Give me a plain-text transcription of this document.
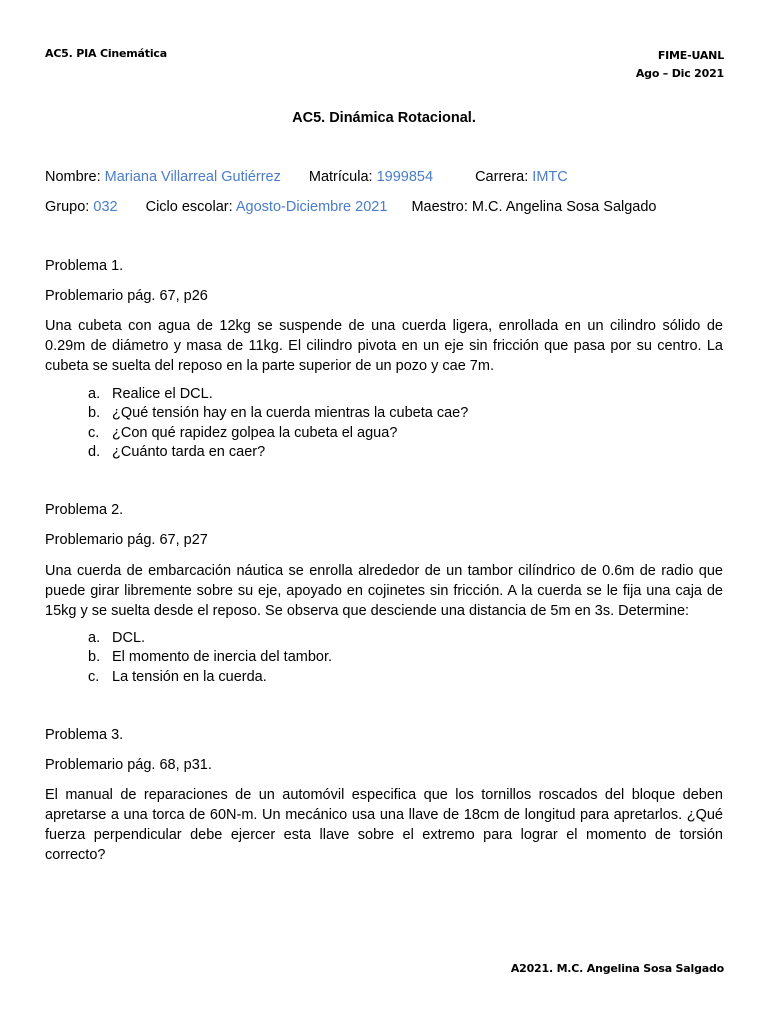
AC5. PIA Cinemática	FIME-UANL
Ago – Dic 2021
AC5. Dinámica Rotacional.
Nombre: Mariana Villarreal Gutiérrez Matrícula: 1999854	Carrera: IMTC
Grupo: 032 Ciclo escolar: Agosto-Diciembre 2021 Maestro: M.C. Angelina Sosa Salgado
Problema 1.
Problemario pág. 67, p26
Una cubeta con agua de 12kg se suspende de una cuerda ligera, enrollada en un cilindro sólido de 0.29m de diámetro y masa de 11kg. El cilindro pivota en un eje sin fricción que pasa por su centro. La cubeta se suelta del reposo en la parte superior de un pozo y cae 7m.
a. Realice el DCL.
b. ¿Qué tensión hay en la cuerda mientras la cubeta cae?
c. ¿Con qué rapidez golpea la cubeta el agua?
d. ¿Cuánto tarda en caer?
Problema 2.
Problemario pág. 67, p27
Una cuerda de embarcación náutica se enrolla alrededor de un tambor cilíndrico de 0.6m de radio que puede girar libremente sobre su eje, apoyado en cojinetes sin fricción. A la cuerda se le fija una caja de 15kg y se suelta desde el reposo. Se observa que desciende una distancia de 5m en 3s. Determine:
a. DCL.
b. El momento de inercia del tambor.
c. La tensión en la cuerda.
Problema 3.
Problemario pág. 68, p31.
El manual de reparaciones de un automóvil especifica que los tornillos roscados del bloque deben apretarse a una torca de 60N-m. Un mecánico usa una llave de 18cm de longitud para apretarlos. ¿Qué fuerza perpendicular debe ejercer esta llave sobre el extremo para lograr el momento de torsión correcto?
A2021. M.C. Angelina Sosa Salgado
